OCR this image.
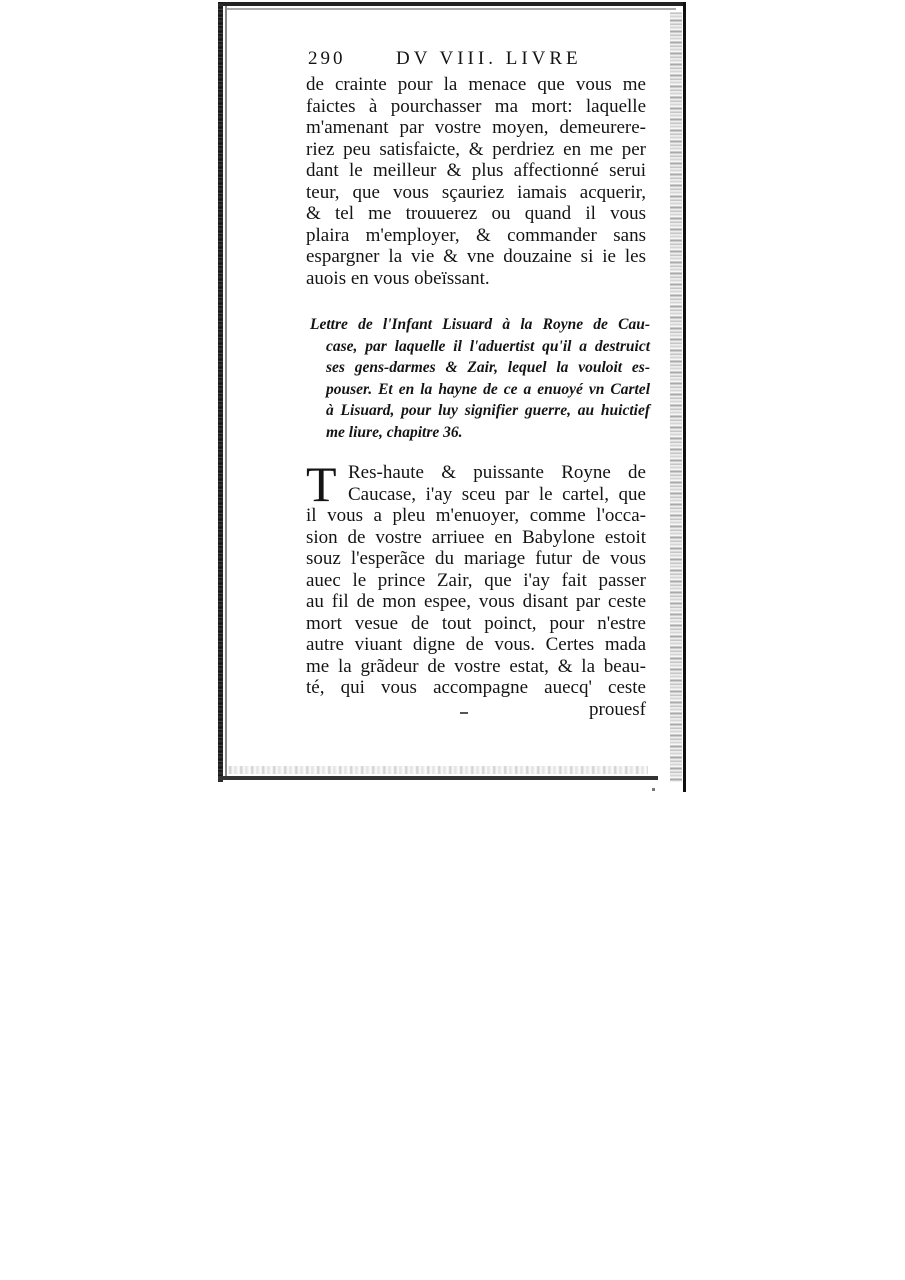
290	DV VIII. LIVRE
de crainte pour la menace que vous me
faictes à pourchasser ma mort: laquelle
m'amenant par vostre moyen, demeurere-
riez peu satisfaicte, & perdriez en me per
dant le meilleur & plus affectionné serui
teur, que vous sçauriez iamais acquerir,
& tel me trouuerez ou quand il vous
plaira m'employer, & commander sans
espargner la vie & vne douzaine si ie les
auois en vous obeïssant.
Lettre de l'Infant Lisuard à la Royne de Cau-
case, par laquelle il l'aduertist qu'il a destruict
ses gens-darmes & Zair, lequel la vouloit es-
pouser. Et en la hayne de ce a enuoyé vn Cartel
à Lisuard, pour luy signifier guerre, au huictief
me liure, chapitre 36.
T Res-haute & puissante Royne de
Caucase, i'ay sceu par le cartel, que
il vous a pleu m'enuoyer, comme l'occa-
sion de vostre arriuee en Babylone estoit
souz l'esperãce du mariage futur de vous
auec le prince Zair, que i'ay fait passer
au fil de mon espee, vous disant par ceste
mort vesue de tout poinct, pour n'estre
autre viuant digne de vous. Certes mada
me la grãdeur de vostre estat, & la beau-
té, qui vous accompagne auecq' ceste
prouesf
